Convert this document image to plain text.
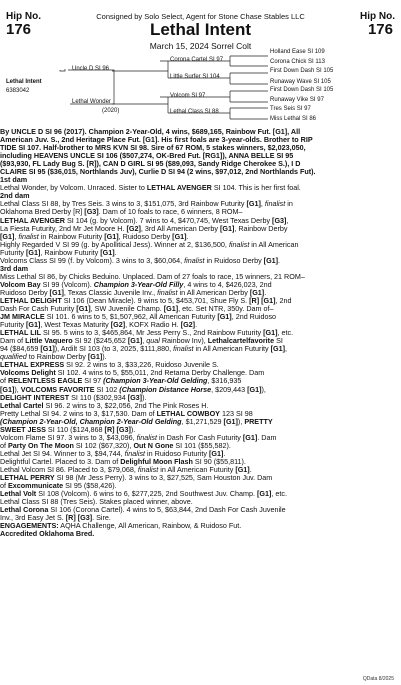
Hip No.
176
Hip No.
176
Consigned by Solo Select, Agent for Stone Chase Stables LLC
Lethal Intent
March 15, 2024 Sorrel Colt
Lethal Intent
6383042
Uncle D SI 96
Lethal Wonder
(2020)
Corona Cartel SI 97
Little Surfer SI 104
Volcom SI 97
Lethal Class SI 88
Holland Ease SI 109
Corona Chick SI 113
First Down Dash SI 105
Runaway Wave SI 105
First Down Dash SI 105
Runaway Vike SI 97
Tres Seis SI 97
Miss Lethal SI 86

By UNCLE D SI 96 (2017). Champion 2-Year-Old, 4 wins, $689,165, Rainbow Fut. [G1], All

American Juv. S., 2nd Heritage Place Fut. [G1]. His first foals are 3-year-olds. Brother to RIP

TIDE SI 107. Half-brother to MRS KVN SI 98. Sire of 67 ROM, 5 stakes winners, $2,023,050,

including HEAVENS UNCLE SI 106 ($507,274, OK-Bred Fut. [RG1]), ANNA BELLE SI 95

($93,930, FL Lady Bug S. [R]), CAN D GIRL SI 95 ($89,093, Sandy Ridge Cherokee S.), I D

CLAIRE SI 95 ($36,015, Northlands Juv), Curlie D SI 94 (2 wins, $97,012, 2nd Northlands Fut).

1st dam

Lethal Wonder, by Volcom. Unraced. Sister to LETHAL AVENGER SI 104. This is her first foal.

2nd dam

Lethal Class SI 88, by Tres Seis. 3 wins to 3, $151,075, 3rd Rainbow Futurity [G1], finalist in

Oklahoma Bred Derby [R] [G3]. Dam of 10 foals to race, 6 winners, 8 ROM–

LETHAL AVENGER SI 104 (g. by Volcom). 7 wins to 4, $470,745, West Texas Derby [G3],

La Fiesta Futurity, 2nd Mr Jet Moore H. [G2], 3rd All American Derby [G1], Rainbow Derby

[G1], finalist in Rainbow Futurity [G1], Ruidoso Derby [G1].

Highly Regarded V SI 99 (g. by Apollitical Jess). Winner at 2, $136,500, finalist in All American

Futurity [G1], Rainbow Futurity [G1].

Volcoms Class SI 99 (f. by Volcom). 3 wins to 3, $60,064, finalist in Ruidoso Derby [G1].

3rd dam

Miss Lethal SI 86, by Chicks Beduino. Unplaced. Dam of 27 foals to race, 15 winners, 21 ROM–

Volcom Bay SI 99 (Volcom). Champion 3-Year-Old Filly, 4 wins to 4, $426,023, 2nd

Ruidoso Derby [G1], Texas Classic Juvenile Inv., finalist in All American Derby [G1].

LETHAL DELIGHT SI 106 (Dean Miracle). 9 wins to 5, $453,701, Shue Fly S. [R] [G1], 2nd

Dash For Cash Futurity [G1], SW Juvenile Champ. [G1], etc. Set NTR, 350y. Dam of–

JM MIRACLE SI 101. 6 wins to 5, $1,507,962, All American Futurity [G1], 2nd Ruidoso

Futurity [G1], West Texas Maturity [G2], KOFX Radio H. [G2].

LETHAL LIL SI 95. 5 wins to 3, $465,864, Mr Jess Perry S., 2nd Rainbow Futurity [G1], etc.

Dam of Little Vaquero SI 92 ($245,652 [G1], qual Rainbow Inv), Lethalcartelfavorite SI

94 ($84,659 [G1]), Ardilt SI 103 (to 3, 2025, $111,880, finalist in All American Futurity [G1],

qualified to Rainbow Derby [G1]).

LETHAL EXPRESS SI 92. 2 wins to 3, $33,226, Ruidoso Juvenile S.

Volcoms Delight SI 102. 4 wins to 5, $55,011, 2nd Retama Derby Challenge. Dam

of RELENTLESS EAGLE SI 97 (Champion 3-Year-Old Gelding, $316,935

[G1]), VOLCOMS FAVORITE SI 102 (Champion Distance Horse, $209,443 [G1]),

DELIGHT INTEREST SI 110 ($302,934 [G3]).

Lethal Cartel SI 96. 2 wins to 3, $22,056, 2nd The Pink Roses H.

Pretty Lethal SI 94. 2 wins to 3, $17,530. Dam of LETHAL COWBOY 123 SI 98

(Champion 2-Year-Old, Champion 2-Year-Old Gelding, $1,271,529 [G1]), PRETTY

SWEET JESS SI 110 ($124,868 [R] [G3]).

Volcom Flame SI 97. 3 wins to 3, $43,096, finalist in Dash For Cash Futurity [G1]. Dam

of Party On The Moon SI 102 ($67,320), Out N Gone SI 101 ($55,582).

Lethal Jet SI 94. Winner to 3, $94,744, finalist in Ruidoso Futurity [G1].

Delightful Cartel. Placed to 3. Dam of Delighful Moon Flash SI 90 ($55,811).

Lethal Volcom SI 86. Placed to 3, $79,068, finalist in All American Futurity [G1].

LETHAL PERRY SI 98 (Mr Jess Perry). 3 wins to 3, $27,525, Sam Houston Juv. Dam

of Excommunicate SI 95 ($58,426).

Lethal Volt SI 108 (Volcom). 6 wins to 6, $277,225, 2nd Southwest Juv. Champ. [G1], etc.

Lethal Class SI 88 (Tres Seis). Stakes placed winner, above.

Lethal Corona SI 106 (Corona Cartel). 4 wins to 5, $63,844, 2nd Dash For Cash Juvenile

Inv., 3rd Easy Jet S. [R] [G3]. Sire.

ENGAGEMENTS: AQHA Challenge, All American, Rainbow, & Ruidoso Fut.

Accredited Oklahoma Bred.

QData 8/2025
